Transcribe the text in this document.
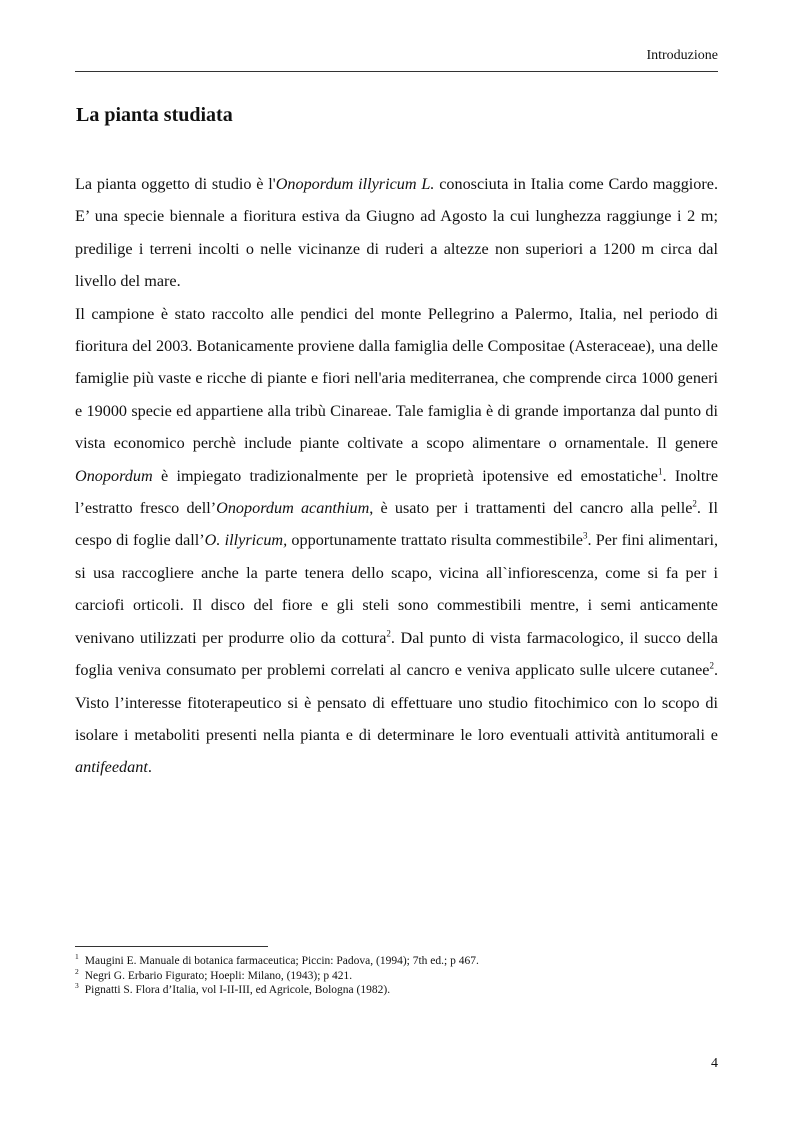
Introduzione
La pianta studiata

La pianta oggetto di studio è l'Onopordum illyricum L. conosciuta in Italia come Cardo maggiore. E’ una specie biennale a fioritura estiva da Giugno ad Agosto la cui lunghezza raggiunge i 2 m; predilige i terreni incolti o nelle vicinanze di ruderi a altezze non superiori a 1200 m circa dal livello del mare.

Il campione è stato raccolto alle pendici del monte Pellegrino a Palermo, Italia, nel periodo di fioritura del 2003. Botanicamente proviene dalla famiglia delle Compositae (Asteraceae), una delle famiglie più vaste e ricche di piante e fiori nell'aria mediterranea, che comprende circa 1000 generi e 19000 specie ed appartiene alla tribù Cinareae. Tale famiglia è di grande importanza dal punto di vista economico perchè include piante coltivate a scopo alimentare o ornamentale. Il genere Onopordum è impiegato tradizionalmente per le proprietà ipotensive ed emostatiche$^1$. Inoltre l’estratto fresco dell’Onopordum acanthium, è usato per i trattamenti del cancro alla pelle$^2$. Il cespo di foglie dall’O. illyricum, opportunamente trattato risulta commestibile$^3$. Per fini alimentari, si usa raccogliere anche la parte tenera dello scapo, vicina all`infiorescenza, come si fa per i carciofi orticoli. Il disco del fiore e gli steli sono commestibili mentre, i semi anticamente venivano utilizzati per produrre olio da cottura$^2$. Dal punto di vista farmacologico, il succo della foglia veniva consumato per problemi correlati al cancro e veniva applicato sulle ulcere cutanee$^2$. Visto l’interesse fitoterapeutico si è pensato di effettuare uno studio fitochimico con lo scopo di isolare i metaboliti presenti nella pianta e di determinare le loro eventuali attività antitumorali e antifeedant.

$^1$ Maugini E. Manuale di botanica farmaceutica; Piccin: Padova, (1994); 7th ed.; p 467.
$^2$ Negri G. Erbario Figurato; Hoepli: Milano, (1943); p 421.
$^3$ Pignatti S. Flora d’Italia, vol I-II-III, ed Agricole, Bologna (1982).
4
